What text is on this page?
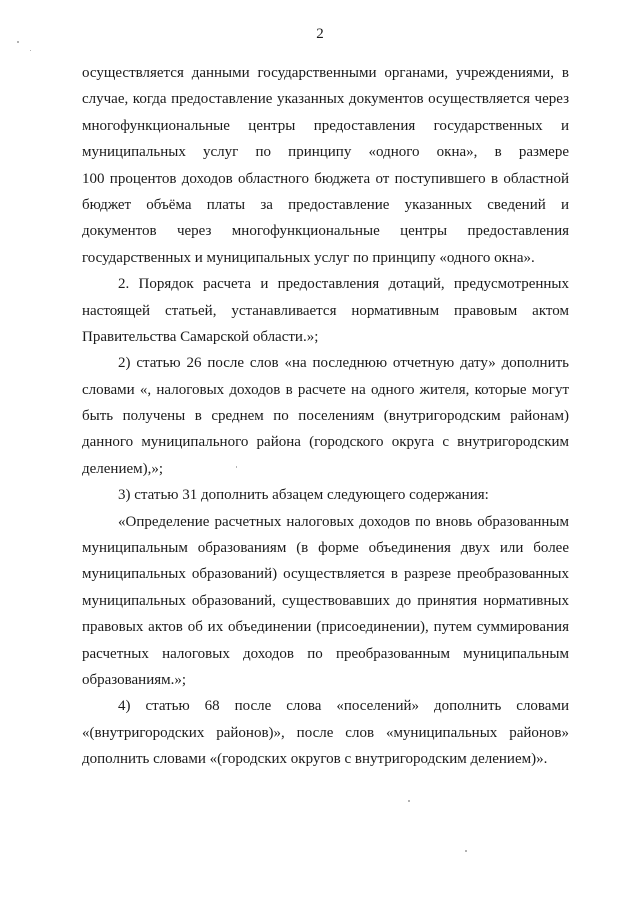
2
осуществляется данными государственными органами, учреждениями, в
случае, когда предоставление указанных документов осуществляется через
многофункциональные центры предоставления государственных и
муниципальных услуг по принципу «одного окна», в размере
100 процентов доходов областного бюджета от поступившего в областной
бюджет объёма платы за предоставление указанных сведений и
документов через многофункциональные центры предоставления
государственных и муниципальных услуг по принципу «одного окна».
2. Порядок расчета и предоставления дотаций, предусмотренных
настоящей статьей, устанавливается нормативным правовым актом
Правительства Самарской области.»;
2) статью 26 после слов «на последнюю отчетную дату» дополнить
словами «, налоговых доходов в расчете на одного жителя, которые могут
быть получены в среднем по поселениям (внутригородским районам)
данного муниципального района (городского округа с внутригородским
делением),»;
3) статью 31 дополнить абзацем следующего содержания:
«Определение расчетных налоговых доходов по вновь образованным
муниципальным образованиям (в форме объединения двух или более
муниципальных образований) осуществляется в разрезе преобразованных
муниципальных образований, существовавших до принятия нормативных
правовых актов об их объединении (присоединении), путем суммирования
расчетных налоговых доходов по преобразованным муниципальным
образованиям.»;
4) статью 68 после слова «поселений» дополнить словами
«(внутригородских районов)», после слов «муниципальных районов»
дополнить словами «(городских округов с внутригородским делением)».
